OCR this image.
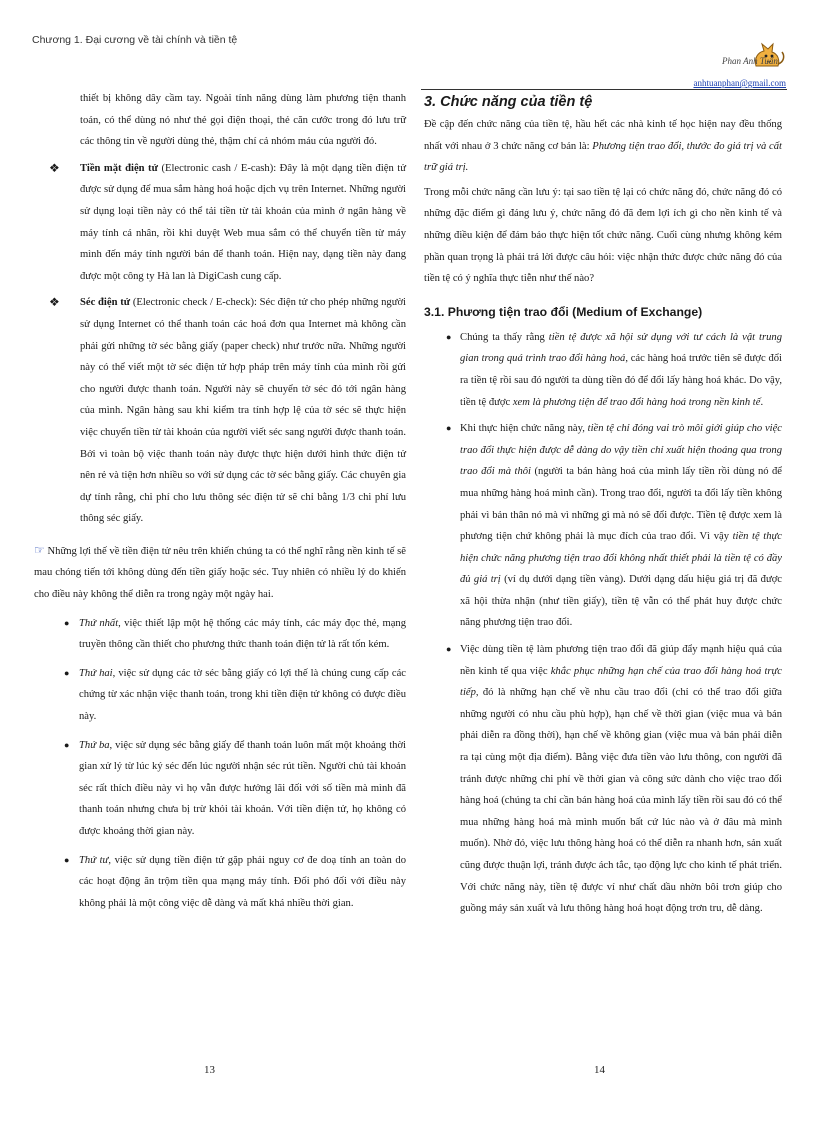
Chương 1. Đại cương về tài chính và tiền tệ
Phan Anh Tuấn
anhtuanphan@gmail.com

thiết bị không dây cầm tay. Ngoài tính năng dùng làm phương tiện thanh toán, có thể dùng nó như thẻ gọi điện thoại, thẻ căn cước trong đó lưu trữ các thông tin về người dùng thẻ, thậm chí cả nhóm máu của người đó.

❖ Tiền mặt điện tử (Electronic cash / E-cash): Đây là một dạng tiền điện tử được sử dụng để mua sắm hàng hoá hoặc dịch vụ trên Internet. Những người sử dụng loại tiền này có thể tải tiền từ tài khoản của mình ở ngân hàng về máy tính cá nhân, rồi khi duyệt Web mua sắm có thể chuyển tiền từ máy mình đến máy tính người bán để thanh toán. Hiện nay, dạng tiền này đang được một công ty Hà lan là DigiCash cung cấp.
❖ Séc điện tử (Electronic check / E-check): Séc điện tử cho phép những người sử dụng Internet có thể thanh toán các hoá đơn qua Internet mà không cần phải gửi những tờ séc bằng giấy (paper check) như trước nữa. Những người này có thể viết một tờ séc điện tử hợp pháp trên máy tính của mình rồi gửi cho người được thanh toán. Người này sẽ chuyển tờ séc đó tới ngân hàng của mình. Ngân hàng sau khi kiểm tra tính hợp lệ của tờ séc sẽ thực hiện việc chuyển tiền từ tài khoản của người viết séc sang người được thanh toán. Bởi vì toàn bộ việc thanh toán này được thực hiện dưới hình thức điện tử nên rẻ và tiện hơn nhiều so với sử dụng các tờ séc bằng giấy. Các chuyên gia dự tính rằng, chi phí cho lưu thông séc điện tử sẽ chỉ bằng 1/3 chi phí lưu thông séc giấy.

☞ Những lợi thế về tiền điện tử nêu trên khiến chúng ta có thể nghĩ rằng nền kinh tế sẽ mau chóng tiến tới không dùng đến tiền giấy hoặc séc. Tuy nhiên có nhiều lý do khiến cho điều này không thể diễn ra trong ngày một ngày hai.

● Thứ nhất, việc thiết lập một hệ thống các máy tính, các máy đọc thẻ, mạng truyền thông cần thiết cho phương thức thanh toán điện tử là rất tốn kém.
● Thứ hai, việc sử dụng các tờ séc bằng giấy có lợi thế là chúng cung cấp các chứng từ xác nhận việc thanh toán, trong khi tiền điện tử không có được điều này.
● Thứ ba, việc sử dụng séc bằng giấy để thanh toán luôn mất một khoảng thời gian xử lý từ lúc ký séc đến lúc người nhận séc rút tiền. Người chủ tài khoản séc rất thích điều này vì họ vẫn được hưởng lãi đối với số tiền mà mình đã thanh toán nhưng chưa bị trừ khỏi tài khoản. Với tiền điện tử, họ không có được khoảng thời gian này.
● Thứ tư, việc sử dụng tiền điện tử gặp phải nguy cơ đe doạ tính an toàn do các hoạt động ăn trộm tiền qua mạng máy tính. Đối phó đối với điều này không phải là một công việc dễ dàng và mất khá nhiều thời gian.

3. Chức năng của tiền tệ

Đề cập đến chức năng của tiền tệ, hầu hết các nhà kinh tế học hiện nay đều thống nhất với nhau ở 3 chức năng cơ bản là: Phương tiện trao đổi, thước đo giá trị và cất trữ giá trị.

Trong mỗi chức năng cần lưu ý: tại sao tiền tệ lại có chức năng đó, chức năng đó có những đặc điểm gì đáng lưu ý, chức năng đó đã đem lợi ích gì cho nền kinh tế và những điều kiện để đảm bảo thực hiện tốt chức năng. Cuối cùng nhưng không kém phần quan trọng là phải trả lời được câu hỏi: việc nhận thức được chức năng đó của tiền tệ có ý nghĩa thực tiễn như thế nào?

3.1. Phương tiện trao đổi (Medium of Exchange)

● Chúng ta thấy rằng tiền tệ được xã hội sử dụng với tư cách là vật trung gian trong quá trình trao đổi hàng hoá, các hàng hoá trước tiên sẽ được đổi ra tiền tệ rồi sau đó người ta dùng tiền đó để đổi lấy hàng hoá khác. Do vậy, tiền tệ được xem là phương tiện để trao đổi hàng hoá trong nền kinh tế.
● Khi thực hiện chức năng này, tiền tệ chỉ đóng vai trò môi giới giúp cho việc trao đổi thực hiện được dễ dàng do vậy tiền chỉ xuất hiện thoáng qua trong trao đổi mà thôi (người ta bán hàng hoá của mình lấy tiền rồi dùng nó để mua những hàng hoá mình cần). Trong trao đổi, người ta đổi lấy tiền không phải vì bản thân nó mà vì những gì mà nó sẽ đổi được. Tiền tệ được xem là phương tiện chứ không phải là mục đích của trao đổi. Vì vậy tiền tệ thực hiện chức năng phương tiện trao đổi không nhất thiết phải là tiền tệ có đầy đủ giá trị (ví dụ dưới dạng tiền vàng). Dưới dạng dấu hiệu giá trị đã được xã hội thừa nhận (như tiền giấy), tiền tệ vẫn có thể phát huy được chức năng phương tiện trao đổi.
● Việc dùng tiền tệ làm phương tiện trao đổi đã giúp đẩy mạnh hiệu quả của nền kinh tế qua việc khắc phục những hạn chế của trao đổi hàng hoá trực tiếp, đó là những hạn chế về nhu cầu trao đổi (chỉ có thể trao đổi giữa những người có nhu cầu phù hợp), hạn chế về thời gian (việc mua và bán phải diễn ra đồng thời), hạn chế về không gian (việc mua và bán phải diễn ra tại cùng một địa điểm). Bằng việc đưa tiền vào lưu thông, con người đã tránh được những chi phí về thời gian và công sức dành cho việc trao đổi hàng hoá (chúng ta chỉ cần bán hàng hoá của mình lấy tiền rồi sau đó có thể mua những hàng hoá mà mình muốn bất cứ lúc nào và ở đâu mà mình muốn). Nhờ đó, việc lưu thông hàng hoá có thể diễn ra nhanh hơn, sản xuất cũng được thuận lợi, tránh được ách tắc, tạo động lực cho kinh tế phát triển. Với chức năng này, tiền tệ được ví như chất dầu nhờn bôi trơn giúp cho guồng máy sản xuất và lưu thông hàng hoá hoạt động trơn tru, dễ dàng.
13	14
